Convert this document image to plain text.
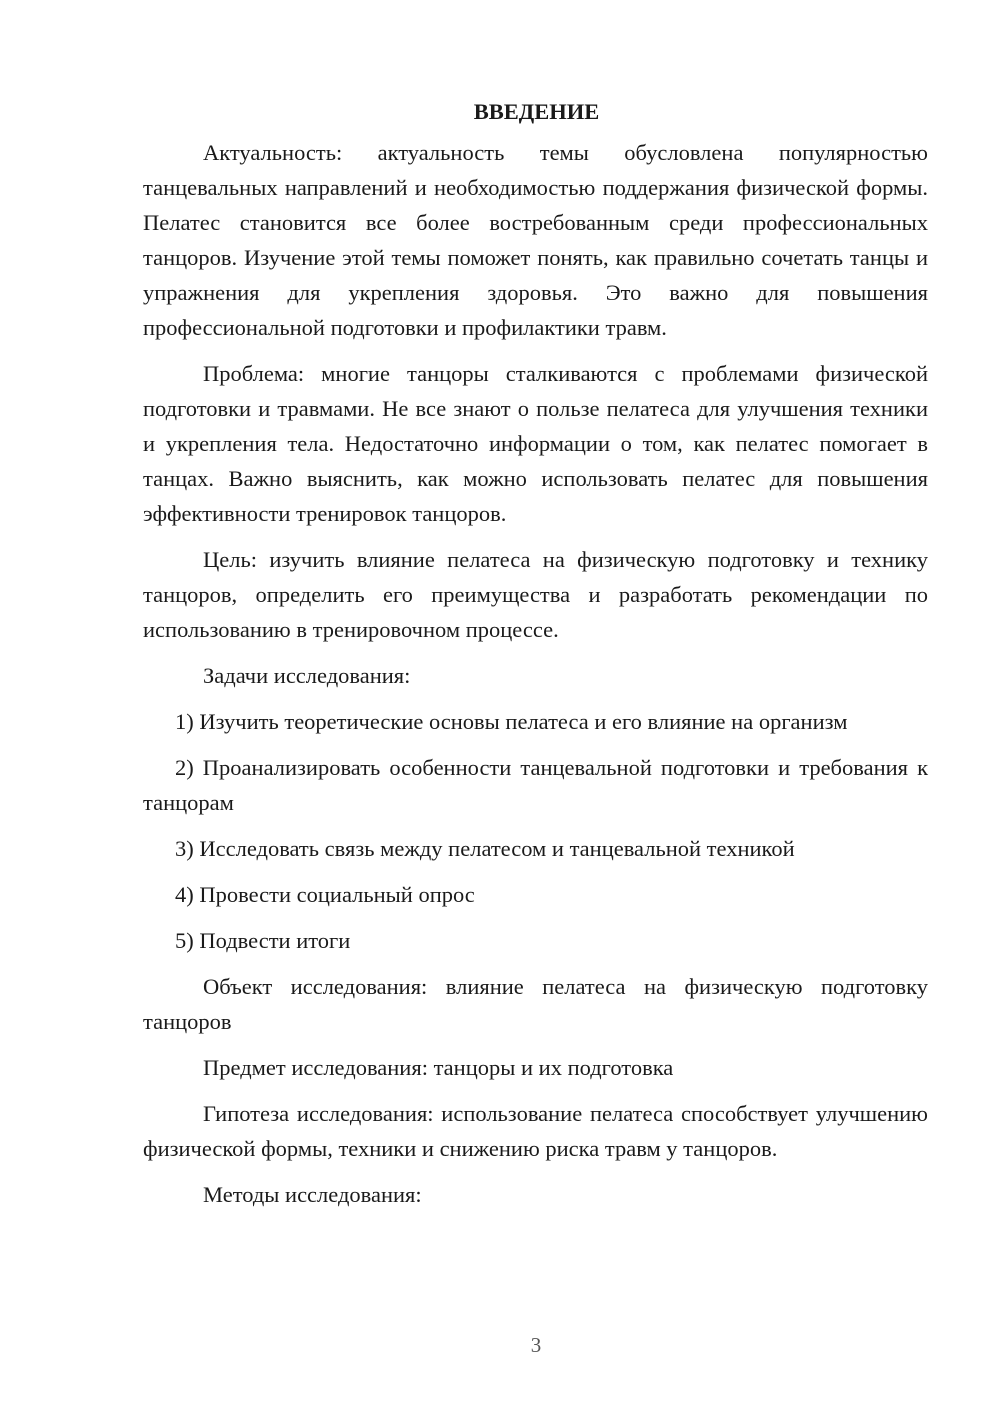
ВВЕДЕНИЕ

Актуальность: актуальность темы обусловлена популярностью танцевальных направлений и необходимостью поддержания физической формы. Пелатес становится все более востребованным среди профессиональных танцоров. Изучение этой темы поможет понять, как правильно сочетать танцы и упражнения для укрепления здоровья. Это важно для повышения профессиональной подготовки и профилактики травм.

Проблема: многие танцоры сталкиваются с проблемами физической подготовки и травмами. Не все знают о пользе пелатеса для улучшения техники и укрепления тела. Недостаточно информации о том, как пелатес помогает в танцах. Важно выяснить, как можно использовать пелатес для повышения эффективности тренировок танцоров.

Цель: изучить влияние пелатеса на физическую подготовку и технику танцоров, определить его преимущества и разработать рекомендации по использованию в тренировочном процессе.

Задачи исследования:

1) Изучить теоретические основы пелатеса и его влияние на организм

2) Проанализировать особенности танцевальной подготовки и требования к танцорам

3) Исследовать связь между пелатесом и танцевальной техникой

4) Провести социальный опрос

5) Подвести итоги

Объект исследования: влияние пелатеса на физическую подготовку танцоров

Предмет исследования: танцоры и их подготовка

Гипотеза исследования: использование пелатеса способствует улучшению физической формы, техники и снижению риска травм у танцоров.

Методы исследования:

3
